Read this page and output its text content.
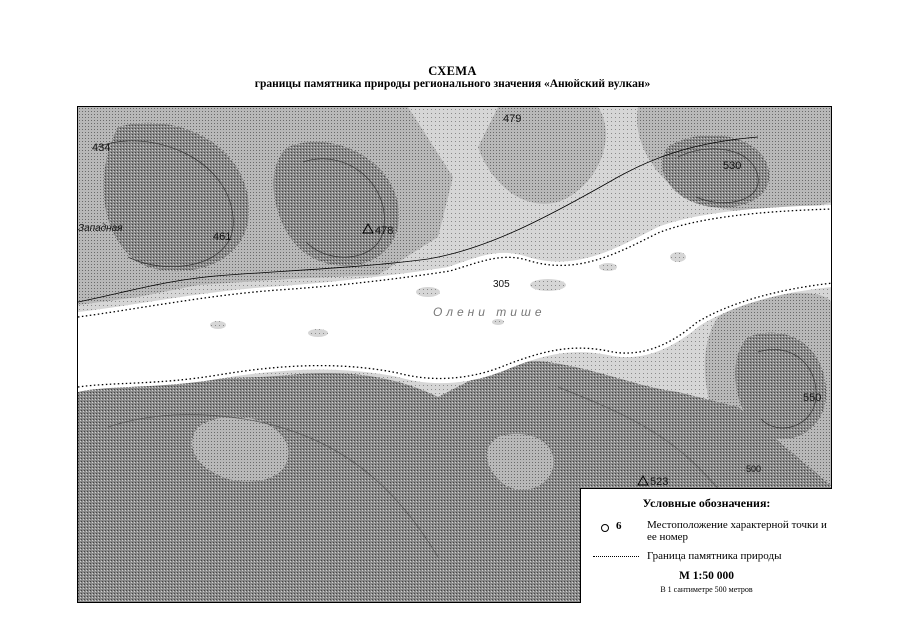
СХЕМА
границы памятника природы регионального значения «Анюйский вулкан»
434
479
530
461	478
550
523
305
500
Западная
Олени тише
Условные обозначения:
6 Местоположение характерной точки и ее номер
Граница памятника природы
М 1:50 000
В 1 сантиметре 500 метров
